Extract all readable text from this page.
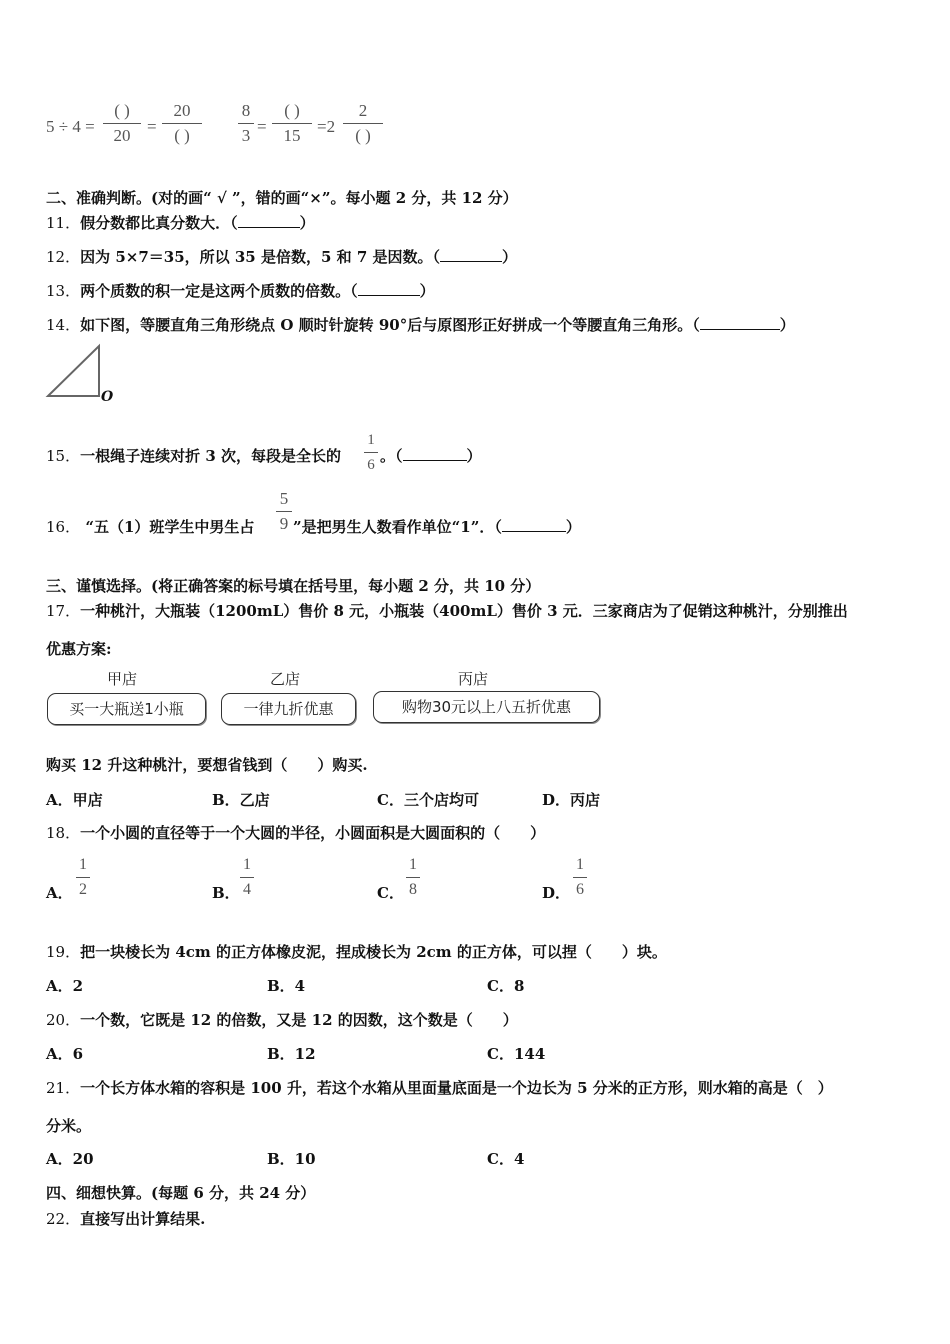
5 ÷ 4 =
( )
20 =
20
( )
8
3 =
( )
15 =2
2
( )
二、准确判断。(对的画“ √ ”，错的画“×”。每小题 2 分，共 12 分）
11．假分数都比真分数大．（	）
12．因为 5×7＝35，所以 35 是倍数，5 和 7 是因数。（	）
13．两个质数的积一定是这两个质数的倍数。（	）
14．如下图，等腰直角三角形绕点 O 顺时针旋转 90°后与原图形正好拼成一个等腰直角三角形。（	）
O
15．一根绳子连续对折 3 次，每段是全长的
1
6 。（	）
16． “五（1）班学生中男生占
5
9 ”是把男生人数看作单位“1”．（	）
三、谨慎选择。(将正确答案的标号填在括号里，每小题 2 分，共 10 分）
17．一种桃汁，大瓶装（1200mL）售价 8 元，小瓶装（400mL）售价 3 元．三家商店为了促销这种桃汁，分别推出
优惠方案:
甲店	乙店	丙店
买一大瓶送1小瓶	一律九折优惠	购物30元以上八五折优惠
购买 12 升这种桃汁，要想省钱到（　　）购买.
A．甲店	B．乙店	C．三个店均可	D．丙店
18．一个小圆的直径等于一个大圆的半径，小圆面积是大圆面积的（　　）
A．
1
2	B．
1
4	C．
1
8	D．
1
6
19．把一块棱长为 4cm 的正方体橡皮泥，捏成棱长为 2cm 的正方体，可以捏（　　）块。
A．2	B．4	C．8
20．一个数，它既是 12 的倍数，又是 12 的因数，这个数是（　　）
A．6	B．12	C．144
21．一个长方体水箱的容积是 100 升，若这个水箱从里面量底面是一个边长为 5 分米的正方形，则水箱的高是（　）
分米。
A．20	B．10	C．4
四、细想快算。(每题 6 分，共 24 分）
22．直接写出计算结果.
